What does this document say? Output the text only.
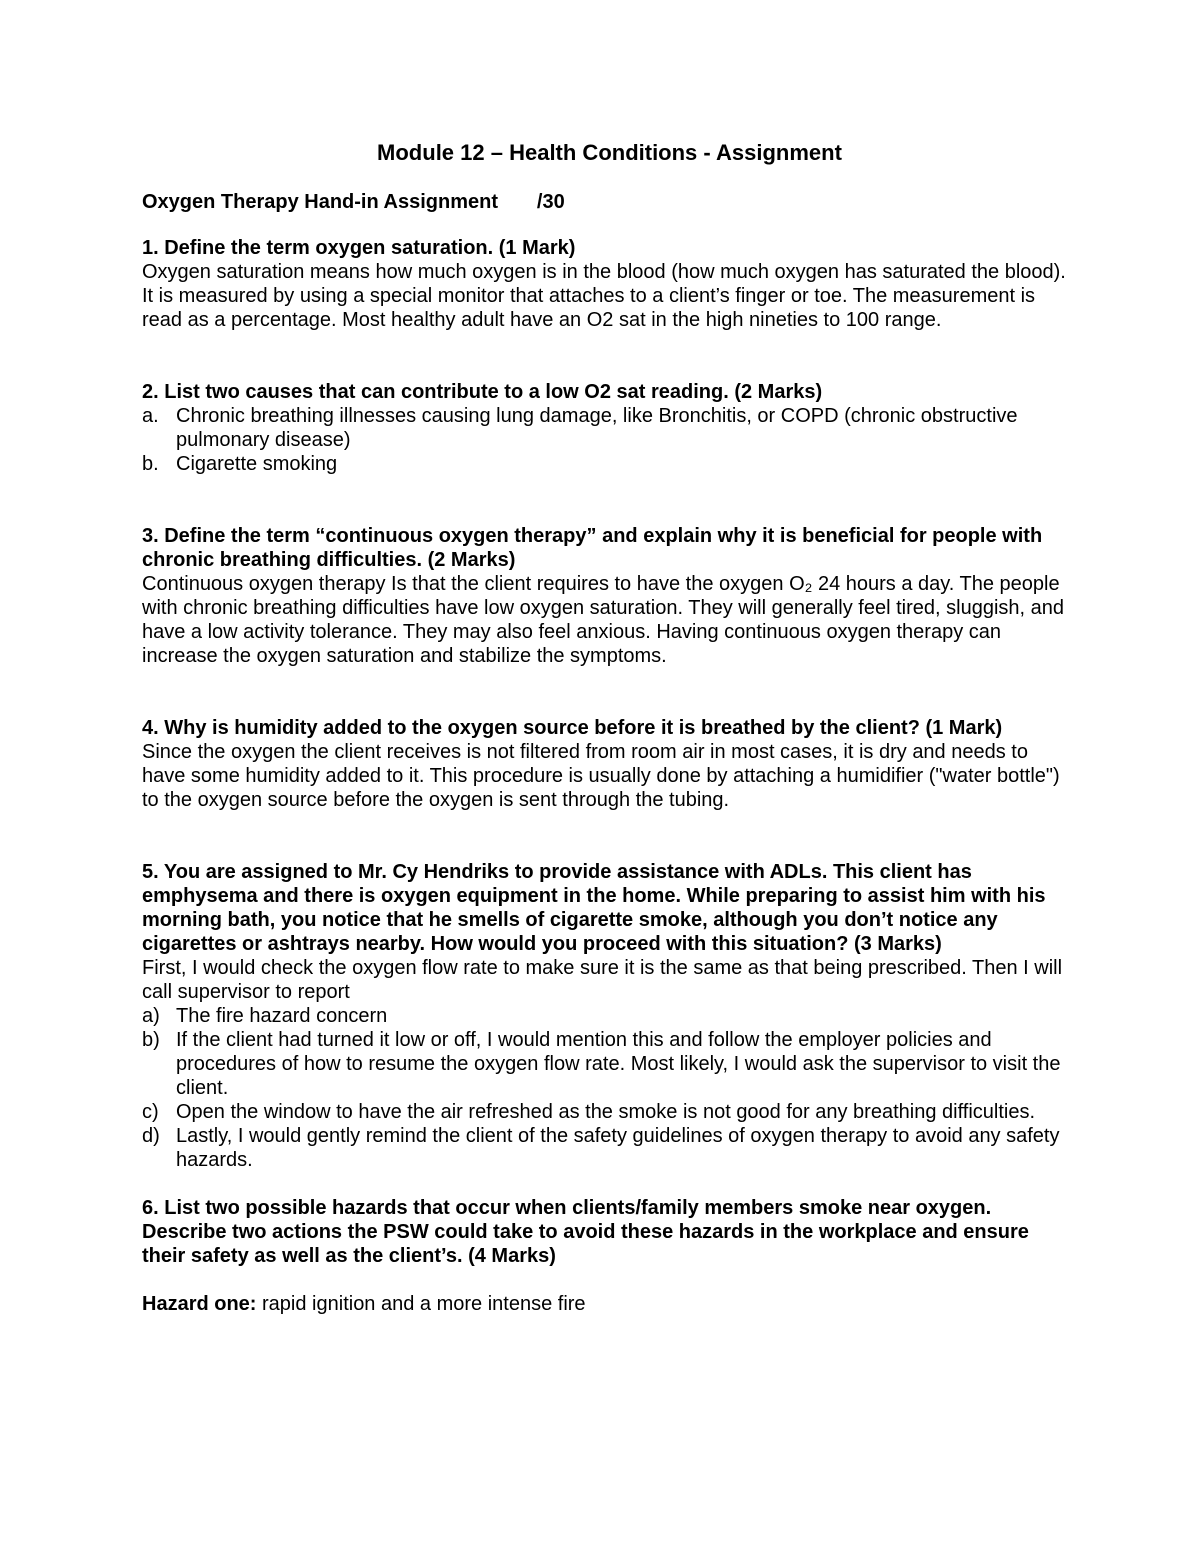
Module 12 – Health Conditions - Assignment
Oxygen Therapy Hand-in Assignment /30
1. Define the term oxygen saturation. (1 Mark)
Oxygen saturation means how much oxygen is in the blood (how much oxygen has saturated the blood). It is measured by using a special monitor that attaches to a client’s finger or toe. The measurement is read as a percentage. Most healthy adult have an O2 sat in the high nineties to 100 range.
2. List two causes that can contribute to a low O2 sat reading. (2 Marks)
a. Chronic breathing illnesses causing lung damage, like Bronchitis, or COPD (chronic obstructive pulmonary disease)
b. Cigarette smoking
3. Define the term “continuous oxygen therapy” and explain why it is beneficial for people with chronic breathing difficulties. (2 Marks)
Continuous oxygen therapy Is that the client requires to have the oxygen O₂ 24 hours a day. The people with chronic breathing difficulties have low oxygen saturation. They will generally feel tired, sluggish, and have a low activity tolerance. They may also feel anxious. Having continuous oxygen therapy can increase the oxygen saturation and stabilize the symptoms.
4. Why is humidity added to the oxygen source before it is breathed by the client? (1 Mark)
Since the oxygen the client receives is not filtered from room air in most cases, it is dry and needs to have some humidity added to it. This procedure is usually done by attaching a humidifier ("water bottle") to the oxygen source before the oxygen is sent through the tubing.
5. You are assigned to Mr. Cy Hendriks to provide assistance with ADLs. This client has emphysema and there is oxygen equipment in the home. While preparing to assist him with his morning bath, you notice that he smells of cigarette smoke, although you don’t notice any cigarettes or ashtrays nearby. How would you proceed with this situation? (3 Marks)
First, I would check the oxygen flow rate to make sure it is the same as that being prescribed. Then I will call supervisor to report
a) The fire hazard concern
b) If the client had turned it low or off, I would mention this and follow the employer policies and procedures of how to resume the oxygen flow rate. Most likely, I would ask the supervisor to visit the client.
c) Open the window to have the air refreshed as the smoke is not good for any breathing difficulties.
d) Lastly, I would gently remind the client of the safety guidelines of oxygen therapy to avoid any safety hazards.
6. List two possible hazards that occur when clients/family members smoke near oxygen. Describe two actions the PSW could take to avoid these hazards in the workplace and ensure their safety as well as the client’s. (4 Marks)
Hazard one: rapid ignition and a more intense fire
